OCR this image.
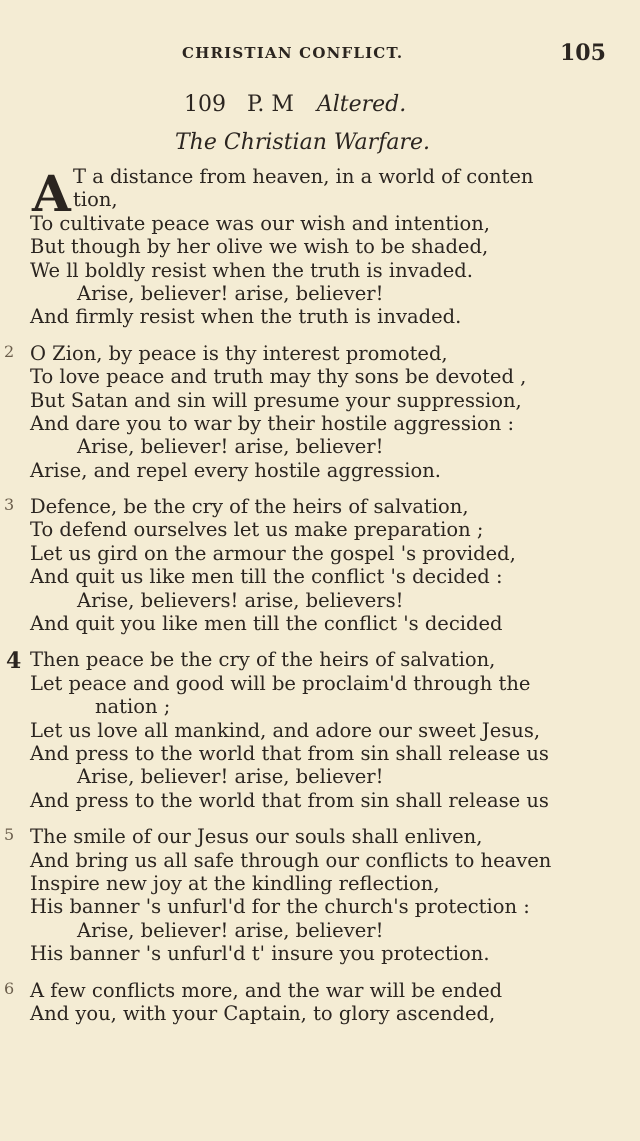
CHRISTIAN CONFLICT.	105
109 P. M Altered.
The Christian Warfare.
A T a distance from heaven, in a world of conten
tion,
To cultivate peace was our wish and intention,
But though by her olive we wish to be shaded,
We ll boldly resist when the truth is invaded.
Arise, believer! arise, believer!
And firmly resist when the truth is invaded.
2 O Zion, by peace is thy interest promoted,
To love peace and truth may thy sons be devoted ,
But Satan and sin will presume your suppression,
And dare you to war by their hostile aggression :
Arise, believer! arise, believer!
Arise, and repel every hostile aggression.
3 Defence, be the cry of the heirs of salvation,
To defend ourselves let us make preparation ;
Let us gird on the armour the gospel 's provided,
And quit us like men till the conflict 's decided :
Arise, believers! arise, believers!
And quit you like men till the conflict 's decided
4 Then peace be the cry of the heirs of salvation,
Let peace and good will be proclaim'd through the
nation ;
Let us love all mankind, and adore our sweet Jesus,
And press to the world that from sin shall release us
Arise, believer! arise, believer!
And press to the world that from sin shall release us
5 The smile of our Jesus our souls shall enliven,
And bring us all safe through our conflicts to heaven
Inspire new joy at the kindling reflection,
His banner 's unfurl'd for the church's protection :
Arise, believer! arise, believer!
His banner 's unfurl'd t' insure you protection.
6 A few conflicts more, and the war will be ended
And you, with your Captain, to glory ascended,
